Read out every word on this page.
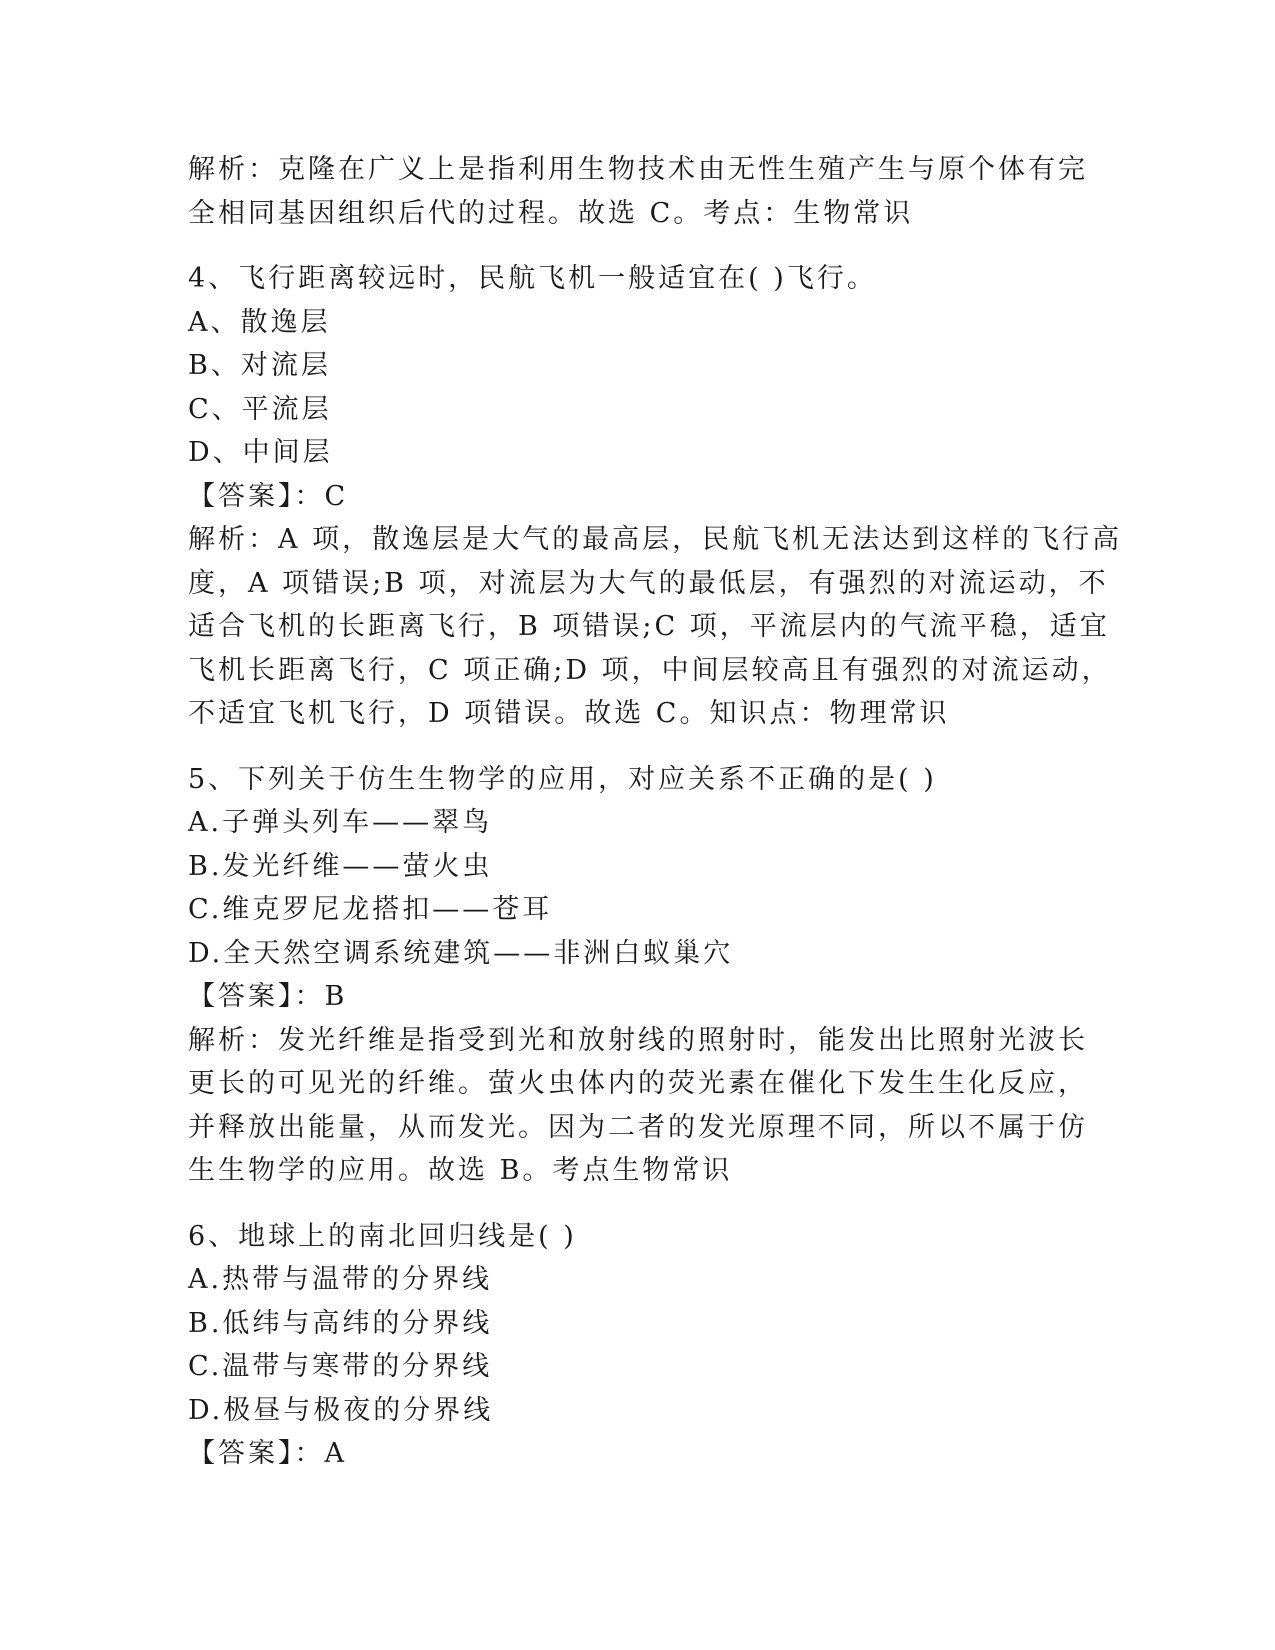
解析：克隆在广义上是指利用生物技术由无性生殖产生与原个体有完
全相同基因组织后代的过程。故选 C。考点：生物常识
4、飞行距离较远时，民航飞机一般适宜在( )飞行。
A、散逸层
B、对流层
C、平流层
D、中间层
【答案】：C
解析：A 项，散逸层是大气的最高层，民航飞机无法达到这样的飞行高
度，A 项错误;B 项，对流层为大气的最低层，有强烈的对流运动，不
适合飞机的长距离飞行，B 项错误;C 项，平流层内的气流平稳，适宜
飞机长距离飞行，C 项正确;D 项，中间层较高且有强烈的对流运动，
不适宜飞机飞行，D 项错误。故选 C。知识点：物理常识
5、下列关于仿生生物学的应用，对应关系不正确的是( )
A.子弹头列车——翠鸟
B.发光纤维——萤火虫
C.维克罗尼龙搭扣——苍耳
D.全天然空调系统建筑——非洲白蚁巢穴
【答案】：B
解析：发光纤维是指受到光和放射线的照射时，能发出比照射光波长
更长的可见光的纤维。萤火虫体内的荧光素在催化下发生生化反应，
并释放出能量，从而发光。因为二者的发光原理不同，所以不属于仿
生生物学的应用。故选 B。考点生物常识
6、地球上的南北回归线是( )
A.热带与温带的分界线
B.低纬与高纬的分界线
C.温带与寒带的分界线
D.极昼与极夜的分界线
【答案】：A
